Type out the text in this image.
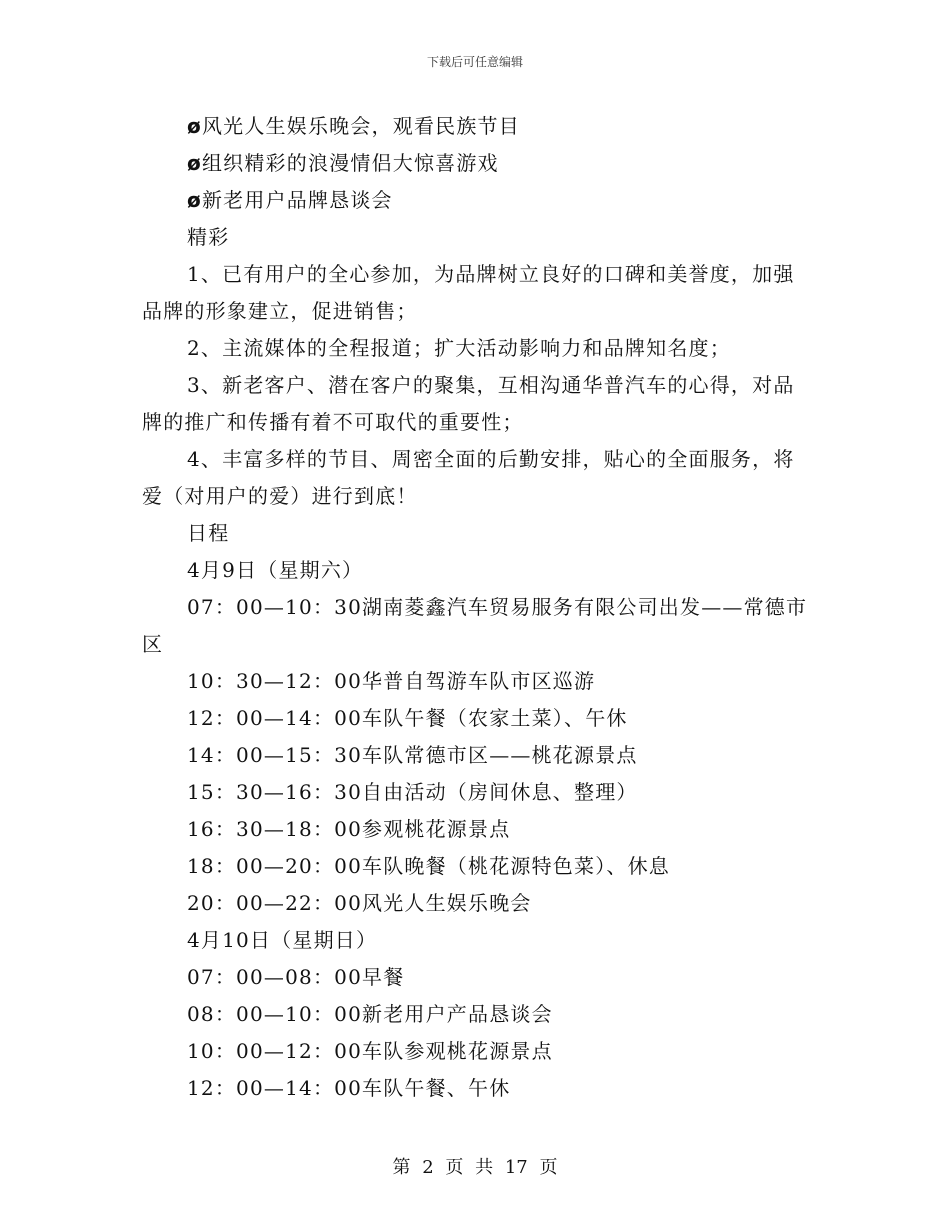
下载后可任意编辑

ø风光人生娱乐晚会，观看民族节目

ø组织精彩的浪漫情侣大惊喜游戏

ø新老用户品牌恳谈会

精彩

1、已有用户的全心参加，为品牌树立良好的口碑和美誉度，加强品牌的形象建立，促进销售；

2、主流媒体的全程报道；扩大活动影响力和品牌知名度；

3、新老客户、潜在客户的聚集，互相沟通华普汽车的心得，对品牌的推广和传播有着不可取代的重要性；

4、丰富多样的节目、周密全面的后勤安排，贴心的全面服务，将爱（对用户的爱）进行到底！

日程

4月9日（星期六）

07：00—10：30湖南菱鑫汽车贸易服务有限公司出发——常德市区

10：30—12：00华普自驾游车队市区巡游

12：00—14：00车队午餐（农家土菜）、午休

14：00—15：30车队常德市区——桃花源景点

15：30—16：30自由活动（房间休息、整理）

16：30—18：00参观桃花源景点

18：00—20：00车队晚餐（桃花源特色菜）、休息

20：00—22：00风光人生娱乐晚会

4月10日（星期日）

07：00—08：00早餐

08：00—10：00新老用户产品恳谈会

10：00—12：00车队参观桃花源景点

12：00—14：00车队午餐、午休

第 2 页 共 17 页
